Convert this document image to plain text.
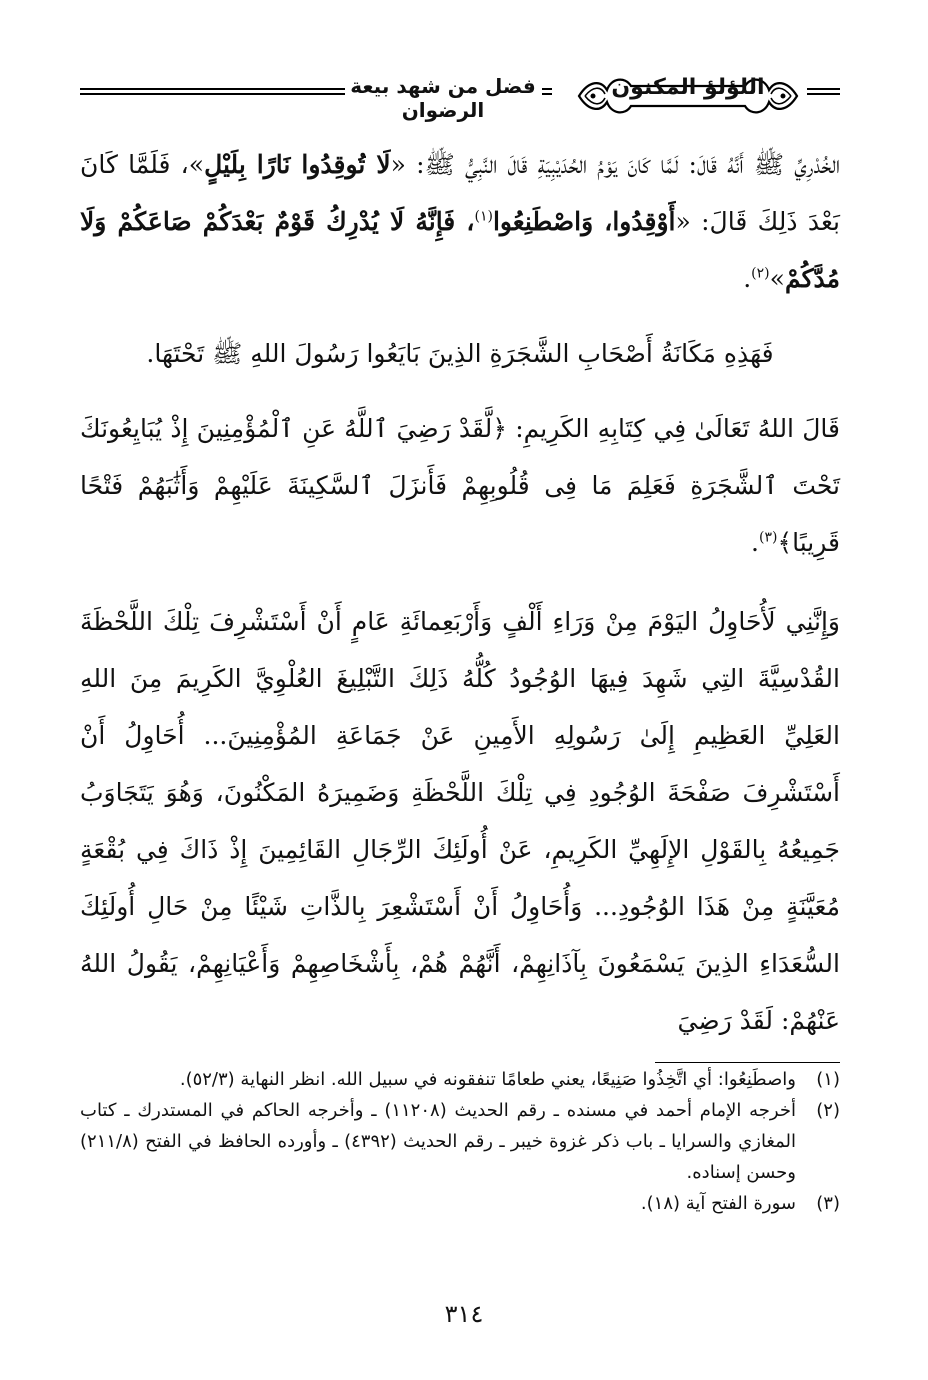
فضل من شهد بيعة الرضوان
اللؤلؤ المكنون

الخُدْرِيِّ ﷺ أَنَّهُ قَالَ: لَمَّا كَانَ يَوْمُ الحُدَيْبِيَةِ قَالَ النَّبِيُّ ﷺ: «لَا تُوقِدُوا نَارًا بِلَيْلٍ»، فَلَمَّا كَانَ بَعْدَ ذَلِكَ قَالَ: «أَوْقِدُوا، وَاصْطَنِعُوا$^{(١)}$، فَإِنَّهُ لَا يُدْرِكُ قَوْمٌ بَعْدَكُمْ صَاعَكُمْ وَلَا مُدَّكُمْ»$^{(٢)}$.

فَهَذِهِ مَكَانَةُ أَصْحَابِ الشَّجَرَةِ الذِينَ بَايَعُوا رَسُولَ اللهِ ﷺ تَحْتَهَا.

قَالَ اللهُ تَعَالَىٰ فِي كِتَابِهِ الكَرِيمِ: ﴿لَّقَدْ رَضِيَ ٱللَّهُ عَنِ ٱلْمُؤْمِنِينَ إِذْ يُبَايِعُونَكَ تَحْتَ ٱلشَّجَرَةِ فَعَلِمَ مَا فِى قُلُوبِهِمْ فَأَنزَلَ ٱلسَّكِينَةَ عَلَيْهِمْ وَأَثَٰبَهُمْ فَتْحًا قَرِيبًا﴾$^{(٣)}$.

وَإِنَّنِي لَأُحَاوِلُ اليَوْمَ مِنْ وَرَاءِ أَلْفٍ وَأَرْبَعِمائَةِ عَامٍ أَنْ أَسْتَشْرِفَ تِلْكَ اللَّحْظَةَ القُدْسِيَّةَ التِي شَهِدَ فِيهَا الوُجُودُ كُلُّهُ ذَلِكَ التَّبْلِيغَ العُلْوِيَّ الكَرِيمَ مِنَ اللهِ العَلِيِّ العَظِيمِ إِلَىٰ رَسُولِهِ الأَمِينِ عَنْ جَمَاعَةِ المُؤْمِنِينَ... أُحَاوِلُ أَنْ أَسْتَشْرِفَ صَفْحَةَ الوُجُودِ فِي تِلْكَ اللَّحْظَةِ وَضَمِيرَهُ المَكْنُونَ، وَهُوَ يَتَجَاوَبُ جَمِيعُهُ بِالقَوْلِ الإِلَهِيِّ الكَرِيمِ، عَنْ أُولَئِكَ الرِّجَالِ القَائِمِينَ إِذْ ذَاكَ فِي بُقْعَةٍ مُعَيَّنَةٍ مِنْ هَذَا الوُجُودِ... وَأُحَاوِلُ أَنْ أَسْتَشْعِرَ بِالذَّاتِ شَيْئًا مِنْ حَالِ أُولَئِكَ السُّعَدَاءِ الذِينَ يَسْمَعُونَ بِآذَانِهِمْ، أَنَّهُمْ هُمْ، بِأَشْخَاصِهِمْ وَأَعْيَانِهِمْ، يَقُولُ اللهُ عَنْهُمْ: لَقَدْ رَضِيَ

(١)
واصطَنِعُوا: أي اتَّخِذُوا صَنِيعًا، يعني طعامًا تنفقونه في سبيل الله. انظر النهاية (٥٢/٣).
(٢)
أخرجه الإمام أحمد في مسنده ـ رقم الحديث (١١٢٠٨) ـ وأخرجه الحاكم في المستدرك ـ كتاب المغازي والسرايا ـ باب ذكر غزوة خيبر ـ رقم الحديث (٤٣٩٢) ـ وأورده الحافظ في الفتح (٢١١/٨) وحسن إسناده.
(٣)
سورة الفتح آية (١٨).
٣١٤
